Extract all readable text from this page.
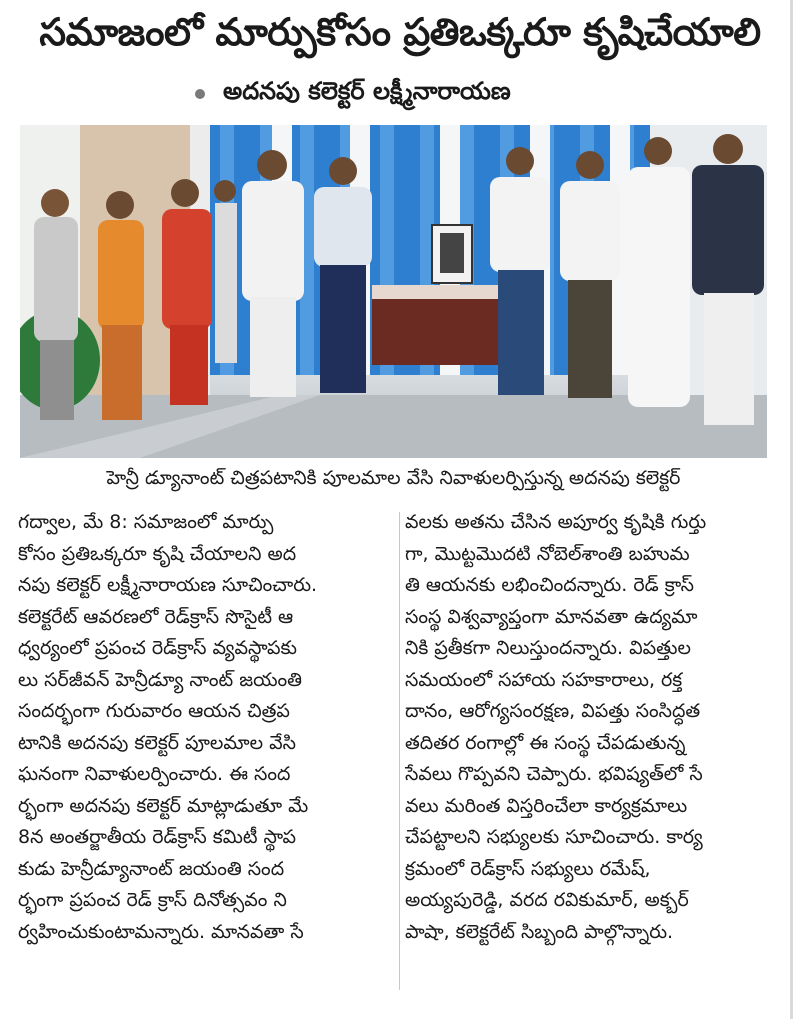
సమాజంలో మార్పుకోసం ప్రతిఒక్కరూ కృషిచేయాలి
అదనపు కలెక్టర్ లక్ష్మీనారాయణ
హెన్రీ డ్యూనాంట్ చిత్రపటానికి పూలమాల వేసి నివాళులర్పిస్తున్న అదనపు కలెక్టర్
గద్వాల, మే 8: సమాజంలో మార్పు
కోసం ప్రతిఒక్కరూ కృషి చేయాలని అద
నపు కలెక్టర్ లక్ష్మీనారాయణ సూచించారు.
కలెక్టరేట్ ఆవరణలో రెడ్‌క్రాస్ సొసైటీ ఆ
ధ్వర్యంలో ప్రపంచ రెడ్‌క్రాస్ వ్యవస్థాపకు
లు సర్‌జీవన్ హెన్రీడ్యూ నాంట్ జయంతి
సందర్భంగా గురువారం ఆయన చిత్రప
టానికి అదనపు కలెక్టర్ పూలమాల వేసి
ఘనంగా నివాళులర్పించారు. ఈ సంద
ర్భంగా అదనపు కలెక్టర్ మాట్లాడుతూ మే
8న అంతర్జాతీయ రెడ్‌క్రాస్ కమిటీ స్థాప
కుడు హెన్రీడ్యూనాంట్ జయంతి సంద
ర్భంగా ప్రపంచ రెడ్ క్రాస్ దినోత్సవం ని
ర్వహించుకుంటామన్నారు. మానవతా సే
వలకు అతను చేసిన అపూర్వ కృషికి గుర్తు
గా, మొట్టమొదటి నోబెల్‌శాంతి బహుమ
తి ఆయనకు లభించిందన్నారు. రెడ్ క్రాస్
సంస్థ విశ్వవ్యాప్తంగా మానవతా ఉద్యమా
నికి ప్రతీకగా నిలుస్తుందన్నారు. విపత్తుల
సమయంలో సహాయ సహకారాలు, రక్త
దానం, ఆరోగ్యసంరక్షణ, విపత్తు సంసిద్ధత
తదితర రంగాల్లో ఈ సంస్థ చేపడుతున్న
సేవలు గొప్పవని చెప్పారు. భవిష్యత్‌లో సే
వలు మరింత విస్తరించేలా కార్యక్రమాలు
చేపట్టాలని సభ్యులకు సూచించారు. కార్య
క్రమంలో రెడ్‌క్రాస్ సభ్యులు రమేష్,
అయ్యపురెడ్డి, వరద రవికుమార్, అక్బర్
పాషా, కలెక్టరేట్ సిబ్బంది పాల్గొన్నారు.
